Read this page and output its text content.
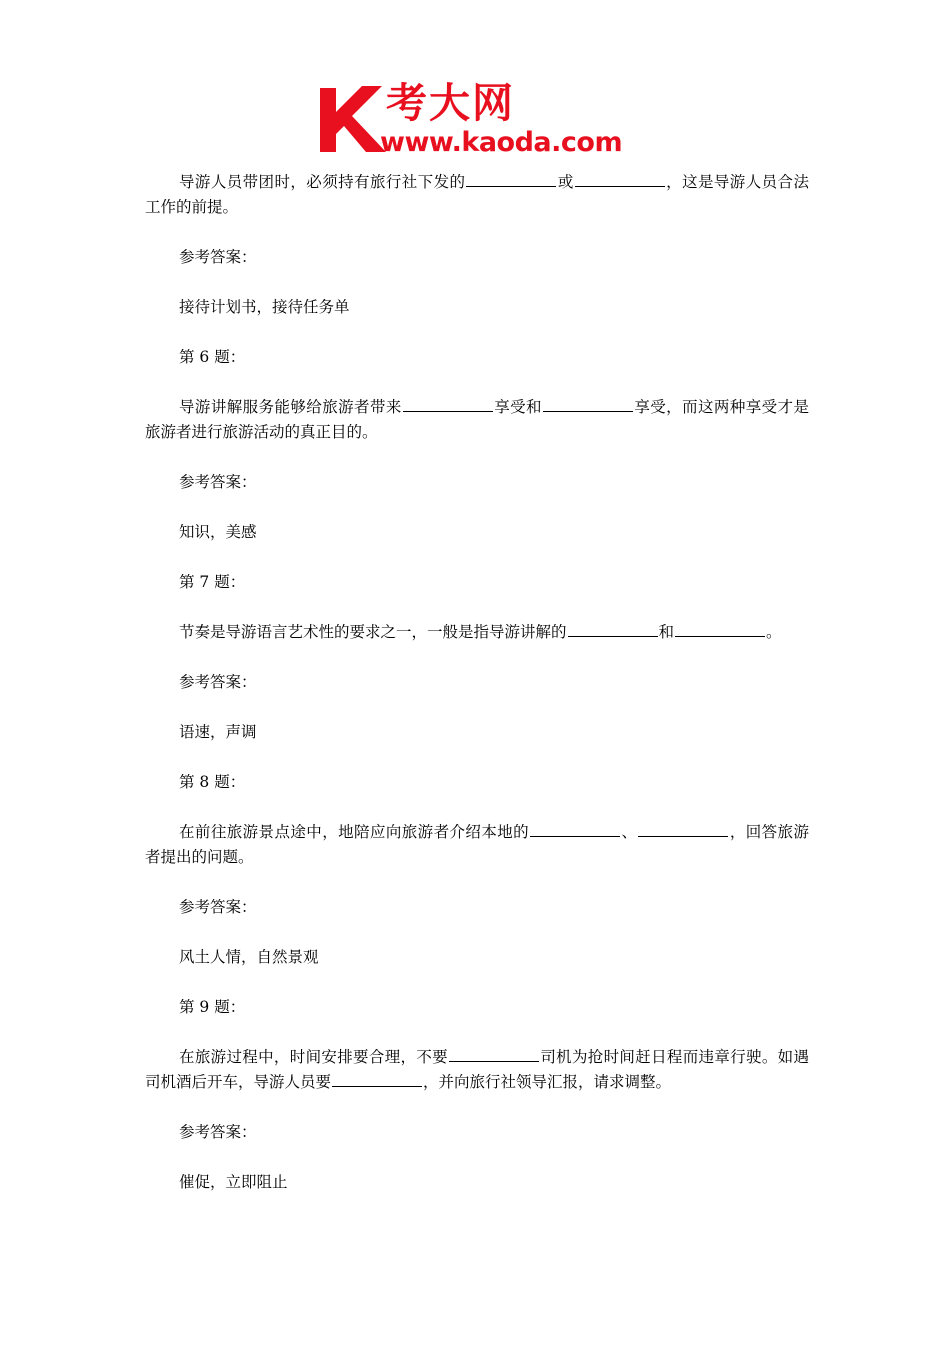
考大网
www.kaoda.com

导游人员带团时，必须持有旅行社下发的	或	，这是导游人员合法工作的前提。

参考答案：

接待计划书，接待任务单

第 6 题：

导游讲解服务能够给旅游者带来	享受和	享受，而这两种享受才是旅游者进行旅游活动的真正目的。

参考答案：

知识，美感

第 7 题：

节奏是导游语言艺术性的要求之一，一般是指导游讲解的	和	。

参考答案：

语速，声调

第 8 题：

在前往旅游景点途中，地陪应向旅游者介绍本地的	、	，回答旅游者提出的问题。

参考答案：

风土人情，自然景观

第 9 题：

在旅游过程中，时间安排要合理，不要	司机为抢时间赶日程而违章行驶。如遇司机酒后开车，导游人员要	，并向旅行社领导汇报，请求调整。

参考答案：

催促，立即阻止
